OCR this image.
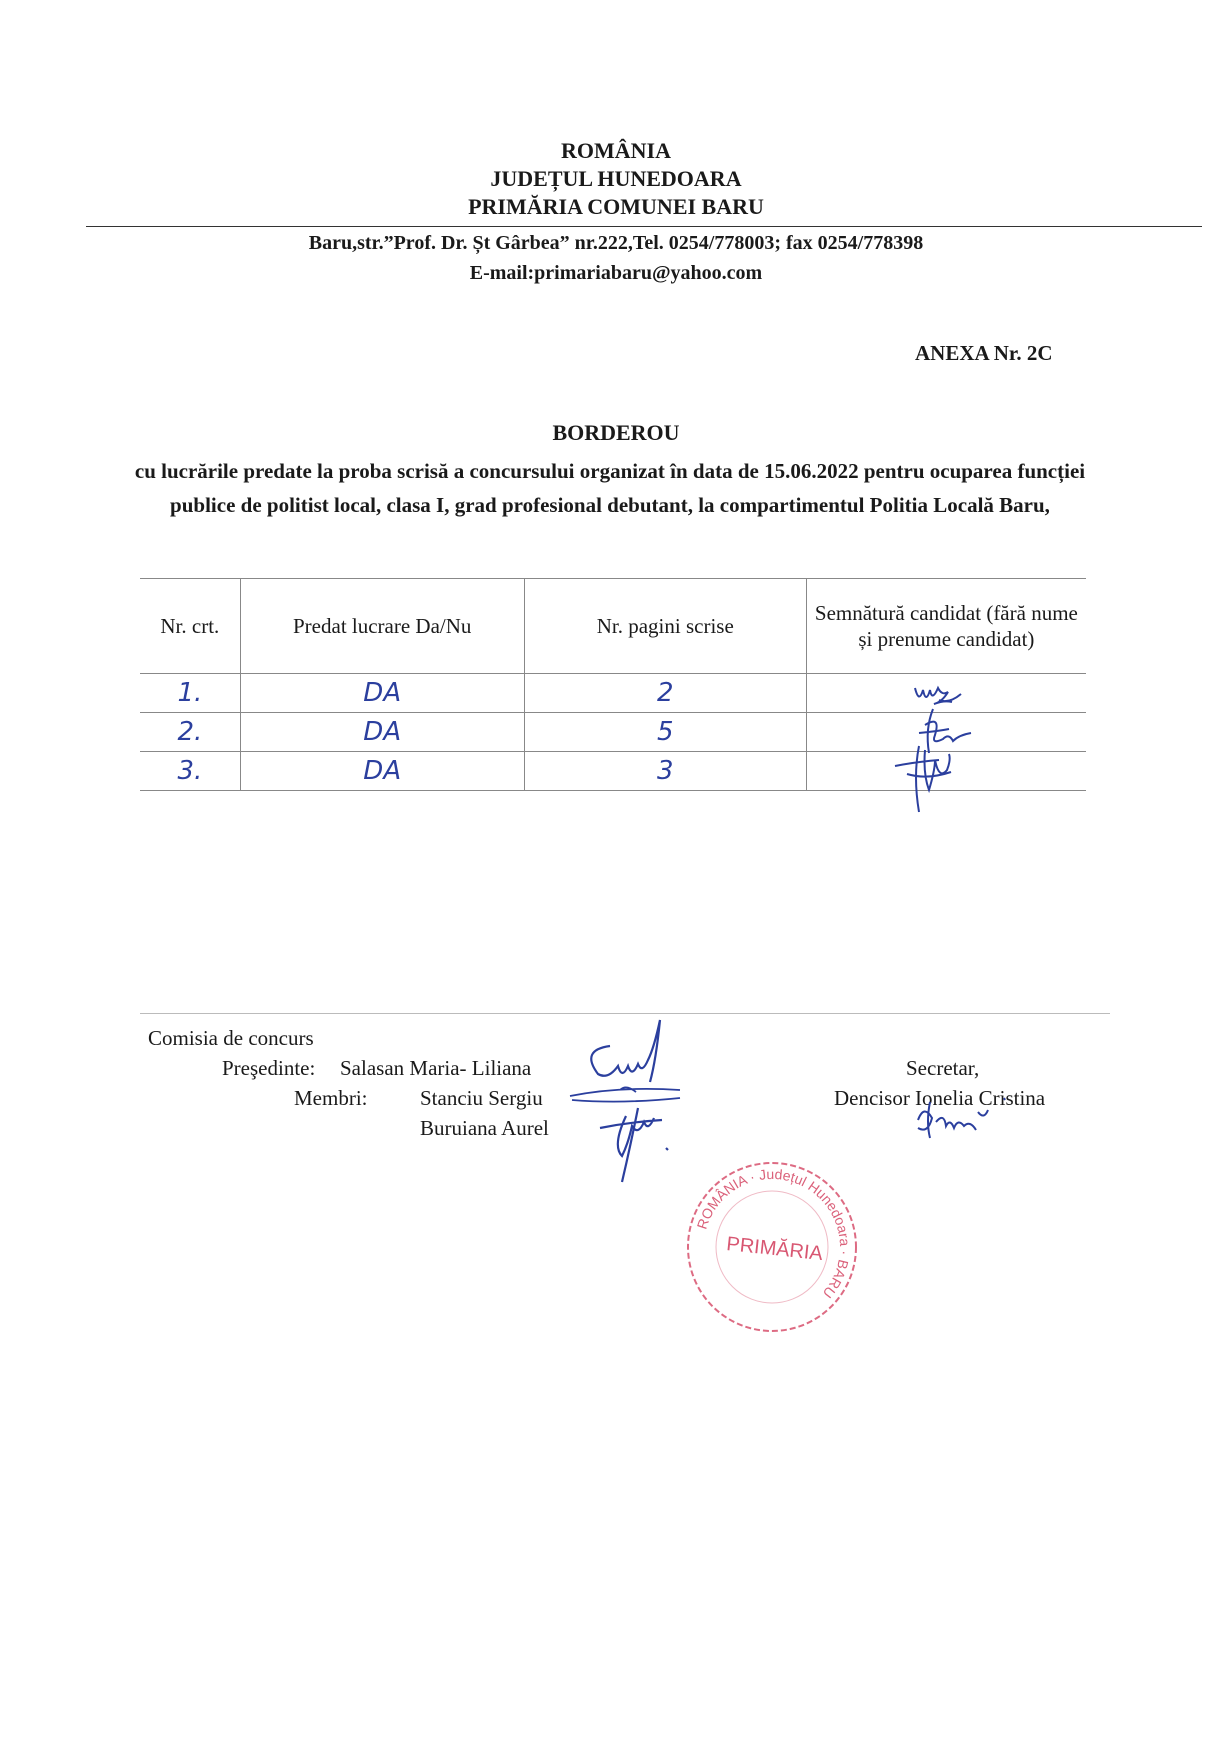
ROMÂNIA
JUDEȚUL HUNEDOARA
PRIMĂRIA COMUNEI BARU
Baru,str.”Prof. Dr. Șt Gârbea” nr.222,Tel. 0254/778003; fax 0254/778398
E-mail:primariabaru@yahoo.com
ANEXA Nr. 2C
BORDEROU
cu lucrările predate la proba scrisă a concursului organizat în data de 15.06.2022 pentru ocuparea funcției publice de politist local, clasa I, grad profesional debutant, la compartimentul Politia Locală Baru,
Nr. crt.	Predat lucrare Da/Nu	Nr. pagini scrise	Semnătură candidat (fără nume și prenume candidat)
1.	DA	2	

2.	DA	5	

3.	DA	3	
Comisia de concurs
Preşedinte: Salasan Maria- Liliana
Membri:	Stanciu Sergiu
Buruiana Aurel
Secretar,
Dencisor Ionelia Cristina
ROMÂNIA · Județul Hunedoara · BARU
PRIMĂRIA
